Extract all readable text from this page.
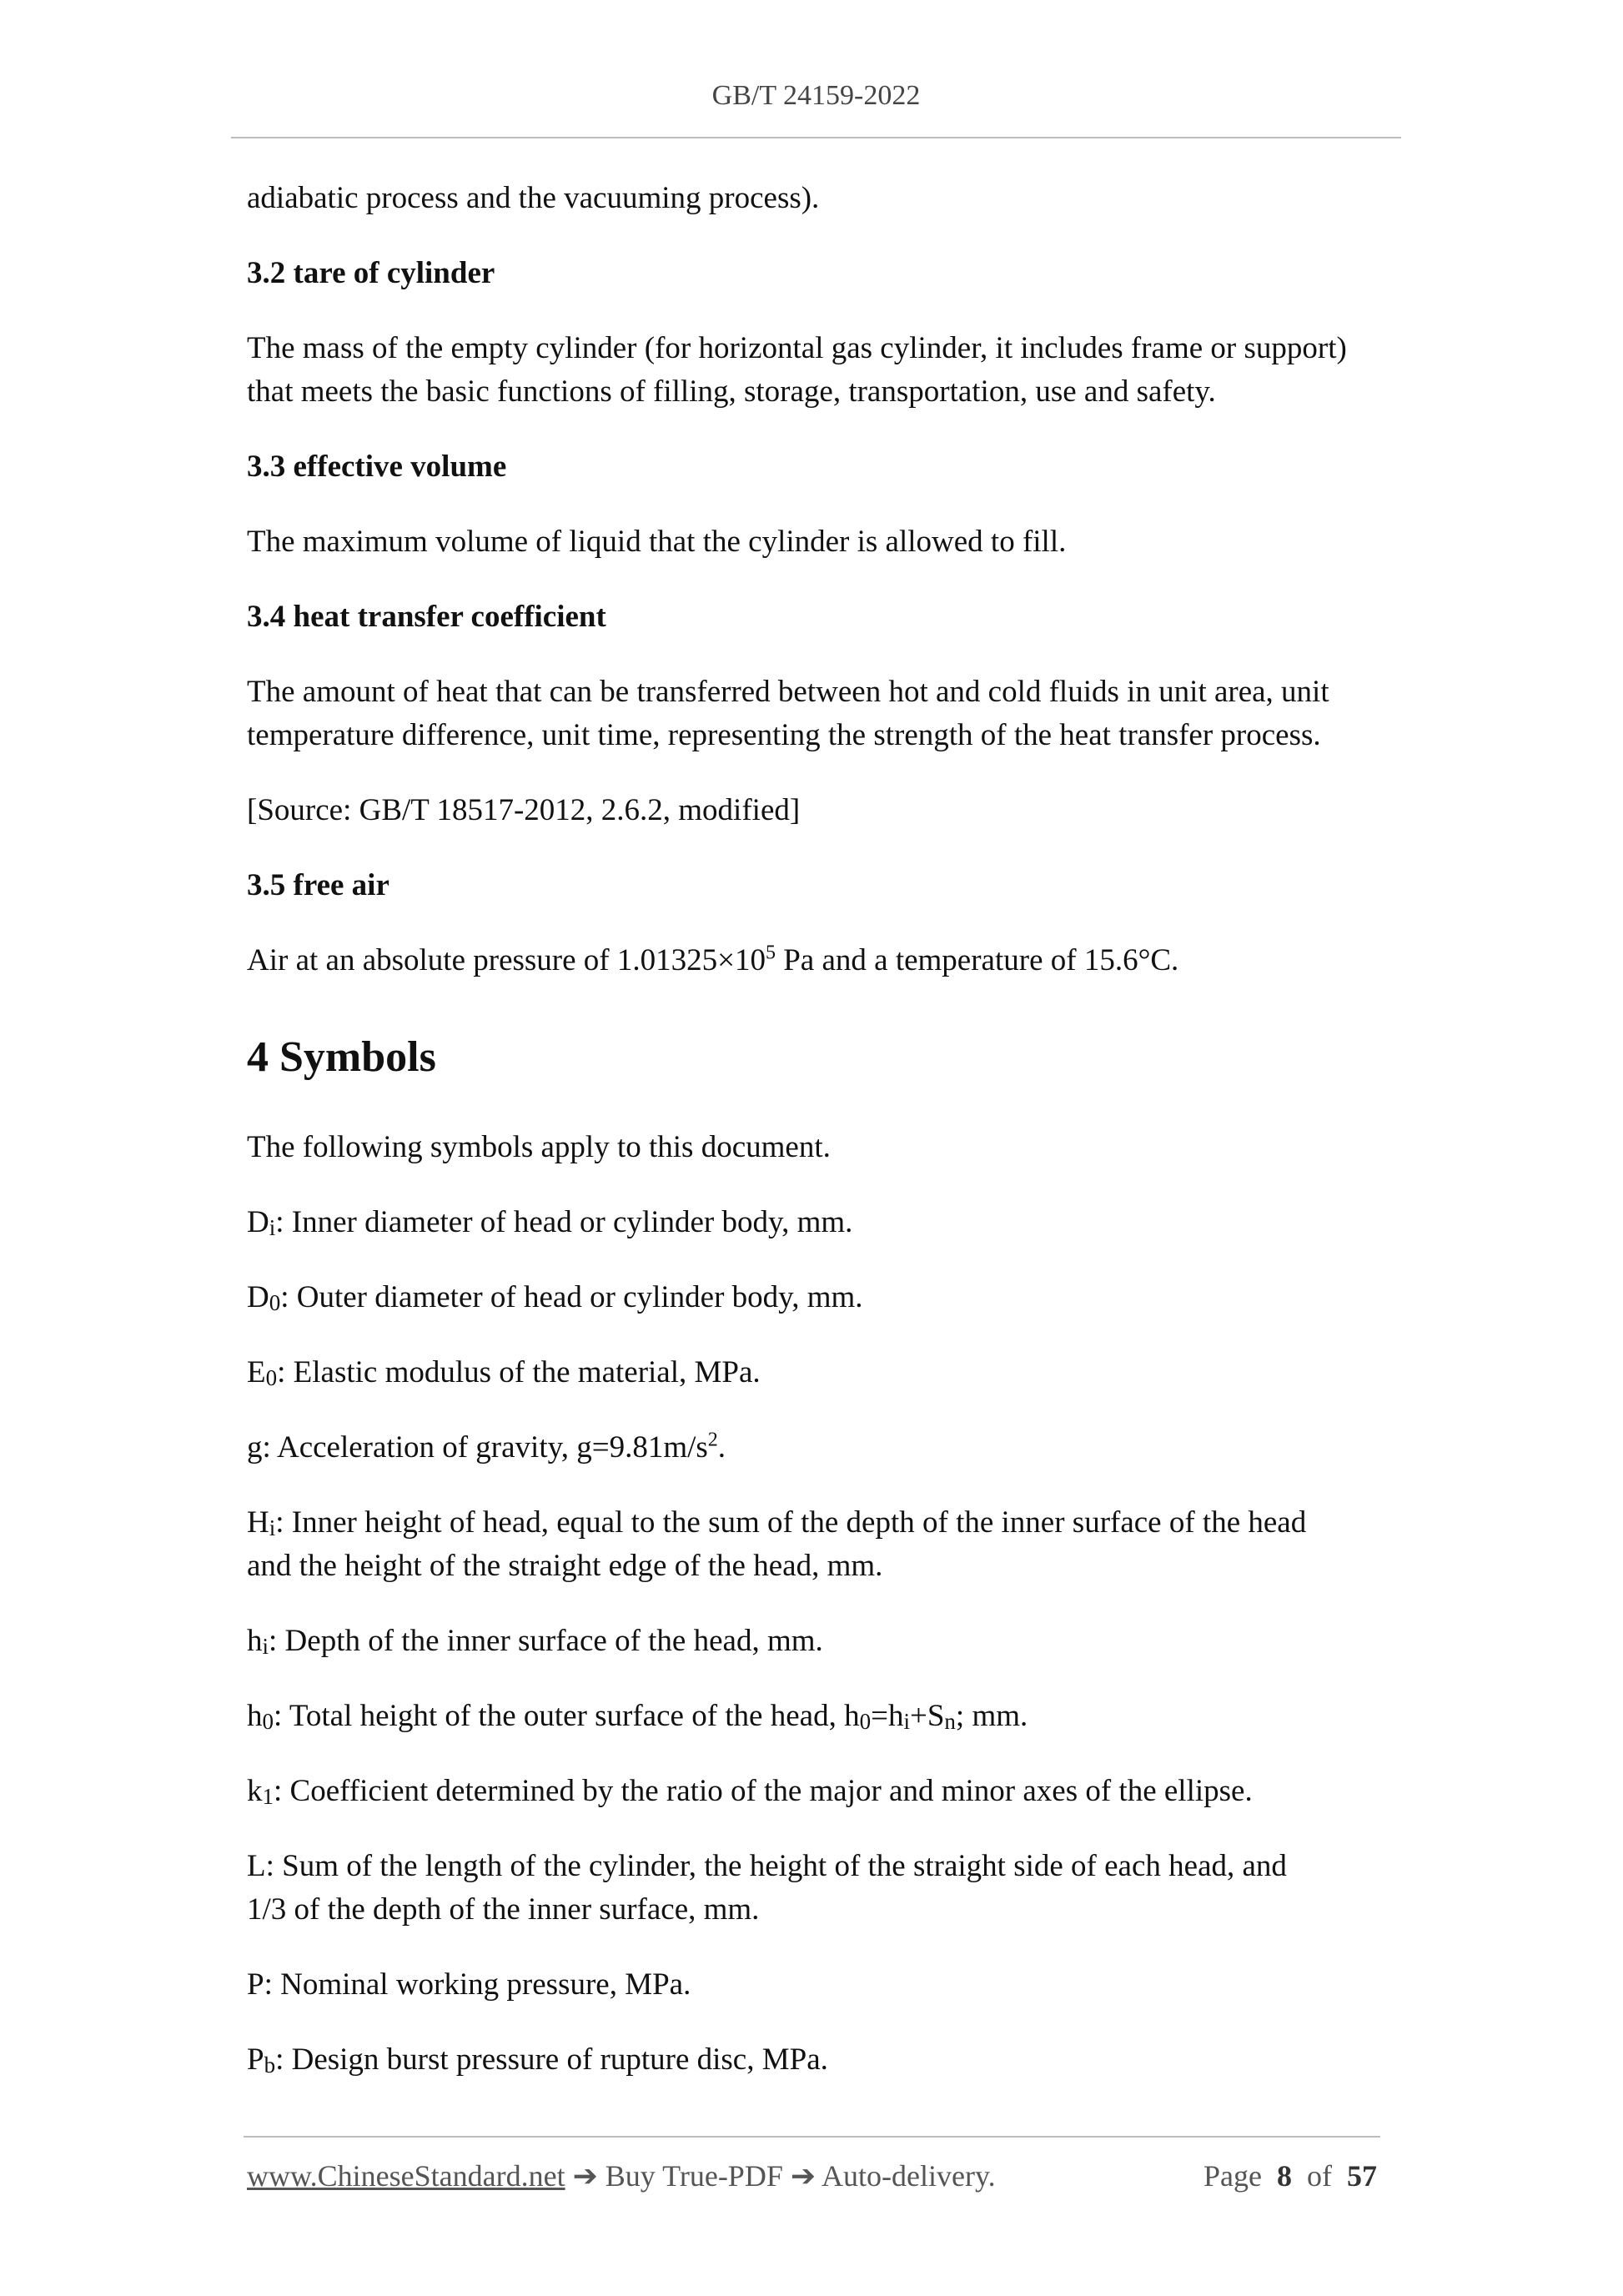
GB/T 24159-2022

adiabatic process and the vacuuming process).

3.2 tare of cylinder

The mass of the empty cylinder (for horizontal gas cylinder, it includes frame or support)

that meets the basic functions of filling, storage, transportation, use and safety.

3.3 effective volume

The maximum volume of liquid that the cylinder is allowed to fill.

3.4 heat transfer coefficient

The amount of heat that can be transferred between hot and cold fluids in unit area, unit

temperature difference, unit time, representing the strength of the heat transfer process.

[Source: GB/T 18517-2012, 2.6.2, modified]

3.5 free air

Air at an absolute pressure of $1.01325\times 10^5$ Pa and a temperature of 15.6°C.

4 Symbols

The following symbols apply to this document.

$D_i$: Inner diameter of head or cylinder body, mm.

$D_0$: Outer diameter of head or cylinder body, mm.

$E_0$: Elastic modulus of the material, MPa.

g: Acceleration of gravity, $g=9.81m/s^2$.

$H_i$: Inner height of head, equal to the sum of the depth of the inner surface of the head

and the height of the straight edge of the head, mm.

$h_i$: Depth of the inner surface of the head, mm.

$h_0$: Total height of the outer surface of the head, $h_0=h_i+S_n$; mm.

$k_1$: Coefficient determined by the ratio of the major and minor axes of the ellipse.

L: Sum of the length of the cylinder, the height of the straight side of each head, and

1/3 of the depth of the inner surface, mm.

P: Nominal working pressure, MPa.

$P_b$: Design burst pressure of rupture disc, MPa.

www.ChineseStandard.net ➔ Buy True-PDF ➔ Auto-delivery.	Page 8 of 57
